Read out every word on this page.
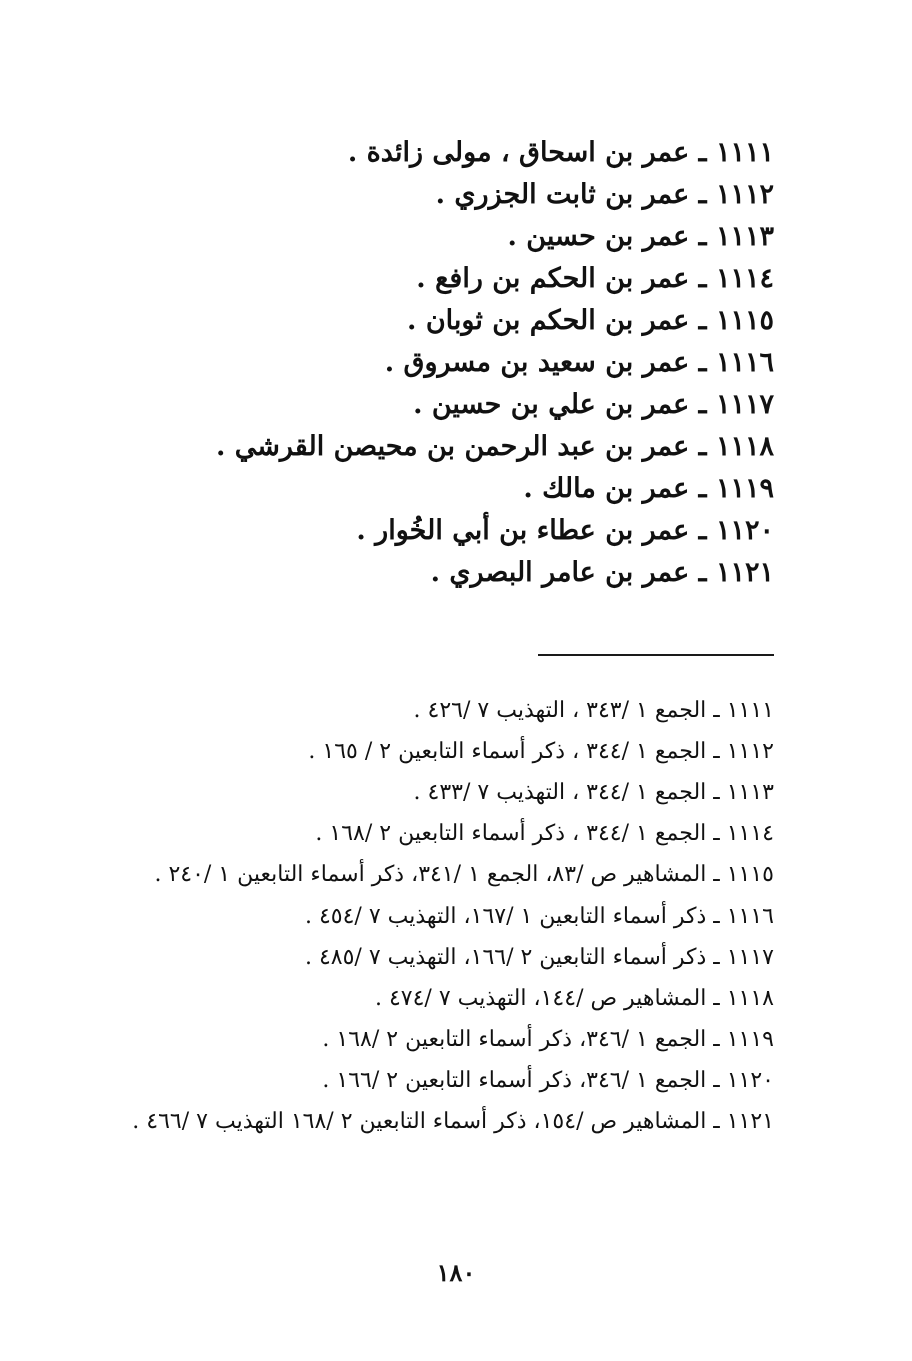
١١١١ ـ عمر بن اسحاق ، مولى زائدة .
١١١٢ ـ عمر بن ثابت الجزري .
١١١٣ ـ عمر بن حسين .
١١١٤ ـ عمر بن الحكم بن رافع .
١١١٥ ـ عمر بن الحكم بن ثوبان .
١١١٦ ـ عمر بن سعيد بن مسروق .
١١١٧ ـ عمر بن علي بن حسين .
١١١٨ ـ عمر بن عبد الرحمن بن محيصن القرشي .
١١١٩ ـ عمر بن مالك .
١١٢٠ ـ عمر بن عطاء بن أبي الخُوار .
١١٢١ ـ عمر بن عامر البصري .
١١١١ ـ الجمع ١ /٣٤٣ ، التهذيب ٧ /٤٢٦ .
١١١٢ ـ الجمع ١ /٣٤٤ ، ذكر أسماء التابعين ٢ / ١٦٥ .
١١١٣ ـ الجمع ١ /٣٤٤ ، التهذيب ٧ /٤٣٣ .
١١١٤ ـ الجمع ١ /٣٤٤ ، ذكر أسماء التابعين ٢ /١٦٨ .
١١١٥ ـ المشاهير ص /٨٣، الجمع ١ /٣٤١، ذكر أسماء التابعين ١ /٢٤٠ .
١١١٦ ـ ذكر أسماء التابعين ١ /١٦٧، التهذيب ٧ /٤٥٤ .
١١١٧ ـ ذكر أسماء التابعين ٢ /١٦٦، التهذيب ٧ /٤٨٥ .
١١١٨ ـ المشاهير ص /١٤٤، التهذيب ٧ /٤٧٤ .
١١١٩ ـ الجمع ١ /٣٤٦، ذكر أسماء التابعين ٢ /١٦٨ .
١١٢٠ ـ الجمع ١ /٣٤٦، ذكر أسماء التابعين ٢ /١٦٦ .
١١٢١ ـ المشاهير ص /١٥٤، ذكر أسماء التابعين ٢ /١٦٨ التهذيب ٧ /٤٦٦ .
١٨٠
